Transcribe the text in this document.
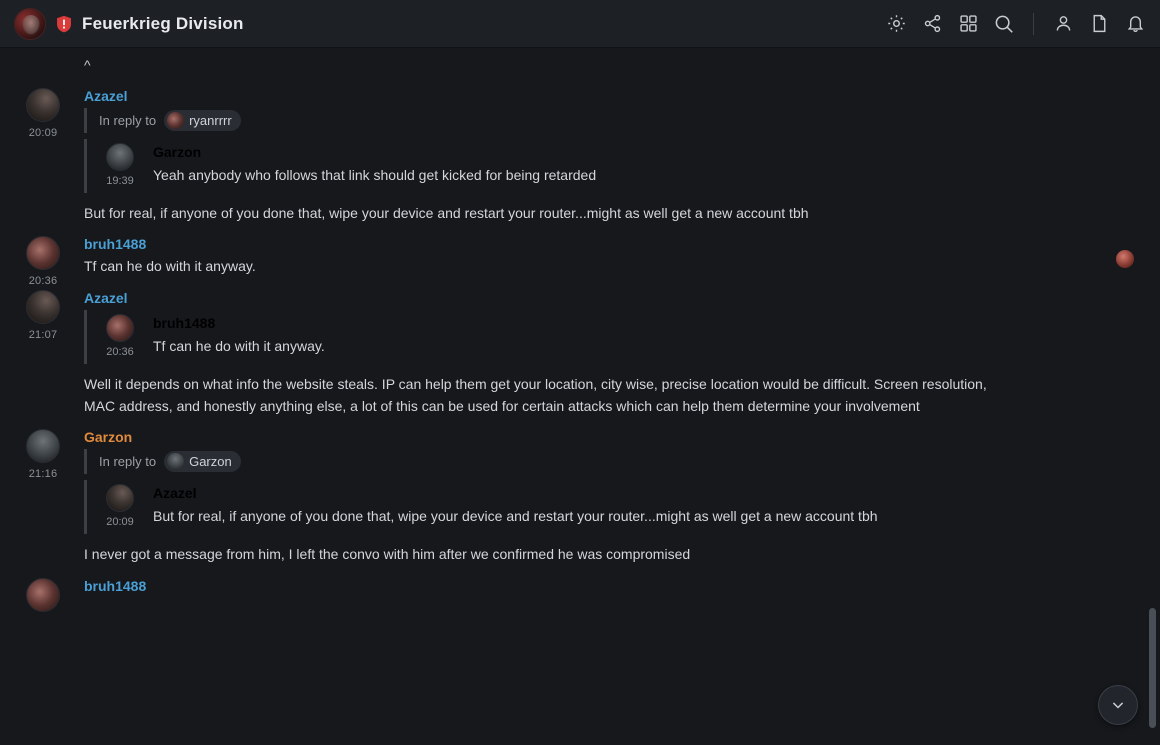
Feuerkrieg Division
^
20:09
Azazel
In reply to	ryanrrrr
19:39
Garzon
Yeah anybody who follows that link should get kicked for being retarded
But for real, if anyone of you done that, wipe your device and restart your router...might as well get a new account tbh
20:36
bruh1488
Tf can he do with it anyway.
21:07
Azazel
20:36
bruh1488
Tf can he do with it anyway.
Well it depends on what info the website steals. IP can help them get your location, city wise, precise location would be difficult. Screen resolution, MAC address, and honestly anything else, a lot of this can be used for certain attacks which can help them determine your involvement
21:16
Garzon
In reply to	Garzon
20:09
Azazel
But for real, if anyone of you done that, wipe your device and restart your router...might as well get a new account tbh
I never got a message from him, I left the convo with him after we confirmed he was compromised
bruh1488
